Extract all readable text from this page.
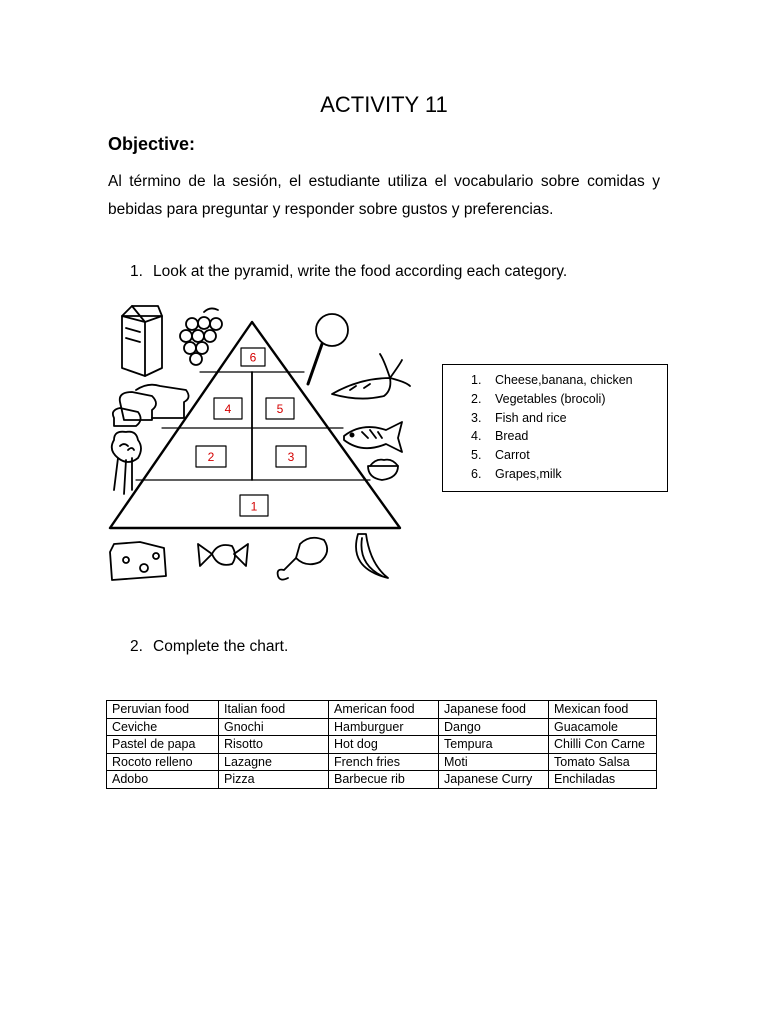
ACTIVITY 11
Objective:
Al término de la sesión, el estudiante utiliza el vocabulario sobre comidas y bebidas para preguntar y responder sobre gustos y preferencias.
1. Look at the pyramid, write the food according each category.
6
4	5
2	3
1
1. Cheese,banana, chicken
2. Vegetables (brocoli)
3. Fish and rice
4. Bread
5. Carrot
6. Grapes,milk
2. Complete the chart.
Peruvian food	Italian food	American food	Japanese food	Mexican food
Ceviche	Gnochi	Hamburguer	Dango	Guacamole
Pastel de papa	Risotto	Hot dog	Tempura	Chilli Con Carne
Rocoto relleno	Lazagne	French fries	Moti	Tomato Salsa
Adobo	Pizza	Barbecue rib	Japanese Curry	Enchiladas
